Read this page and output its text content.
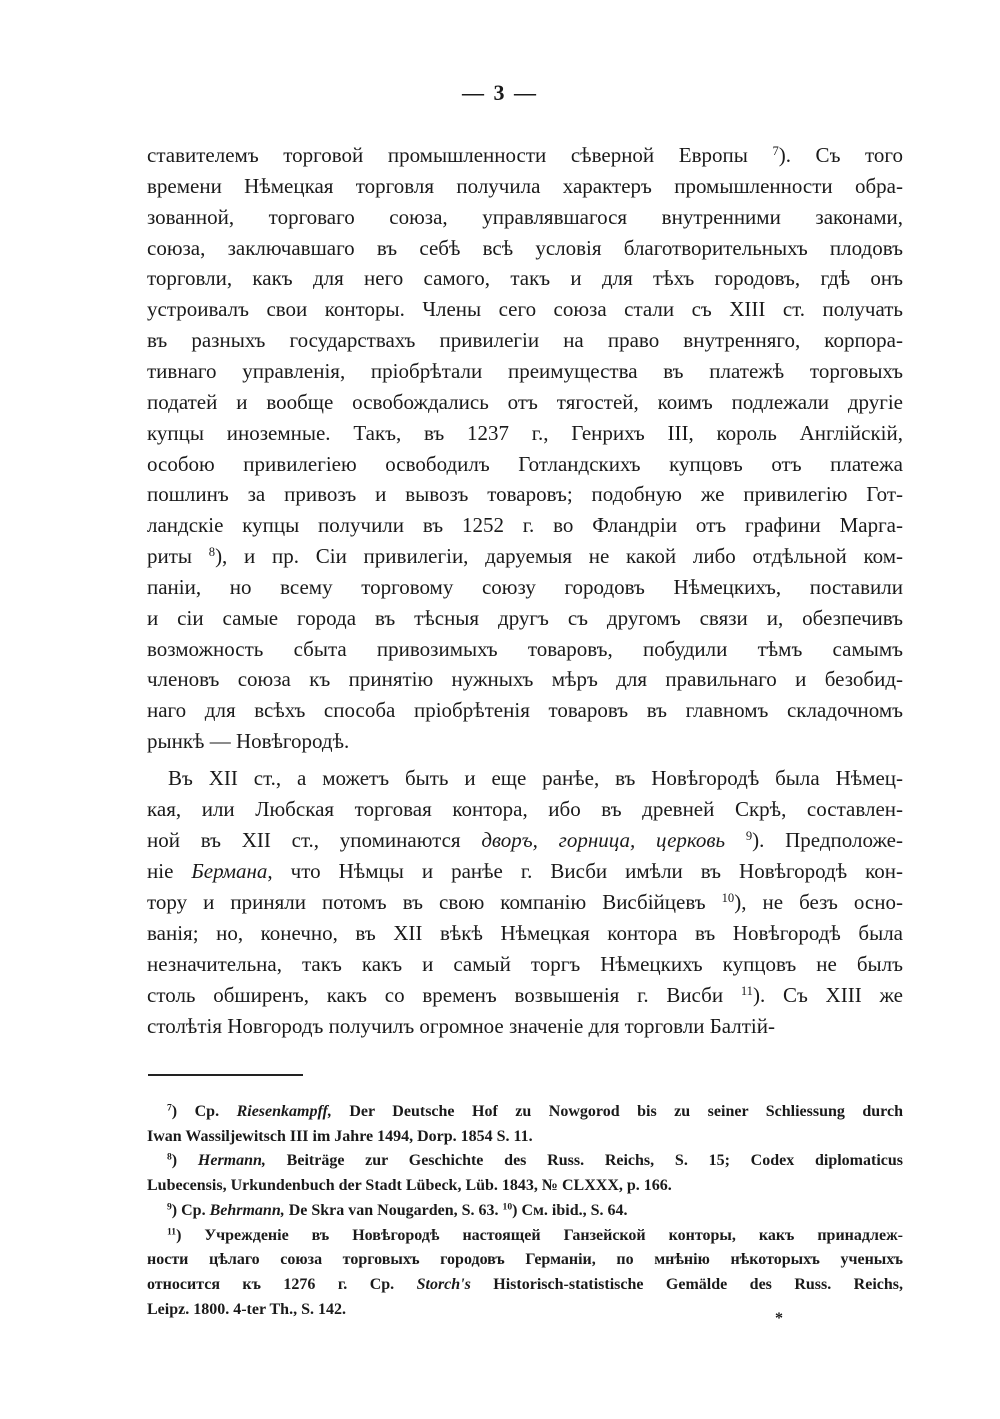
— 3 —
ставителемъ торговой промышленности сѣверной Европы $^7$). Съ того
времени Нѣмецкая торговля получила характеръ промышленности обра-
зованной, торговаго союза, управлявшагося внутренними законами,
союза, заключавшаго въ себѣ всѣ условія благотворительныхъ плодовъ
торговли, какъ для него самого, такъ и для тѣхъ городовъ, гдѣ онъ
устроивалъ свои конторы. Члены сего союза стали съ XIII ст. получать
въ разныхъ государствахъ привилегіи на право внутренняго, корпора-
тивнаго управленія, пріобрѣтали преимущества въ платежѣ торговыхъ
податей и вообще освобождались отъ тягостей, коимъ подлежали другіе
купцы иноземные. Такъ, въ 1237 г., Генрихъ III, король Англійскій,
особою привилегіею освободилъ Готландскихъ купцовъ отъ платежа
пошлинъ за привозъ и вывозъ товаровъ; подобную же привилегію Гот-
ландскіе купцы получили въ 1252 г. во Фландріи отъ графини Марга-
риты $^8$), и пр. Сіи привилегіи, даруемыя не какой либо отдѣльной ком-
паніи, но всему торговому союзу городовъ Нѣмецкихъ, поставили
и сіи самые города въ тѣсныя другъ съ другомъ связи и, обезпечивъ
возможность сбыта привозимыхъ товаровъ, побудили тѣмъ самымъ
членовъ союза къ принятію нужныхъ мѣръ для правильнаго и безобид-
наго для всѣхъ способа пріобрѣтенія товаровъ въ главномъ складочномъ
рынкѣ — Новѣгородѣ.
Въ XII ст., а можетъ быть и еще ранѣе, въ Новѣгородѣ была Нѣмец-
кая, или Любская торговая контора, ибо въ древней Скрѣ, составлен-
ной въ XII ст., упоминаются дворъ, горница, церковь $^9$). Предположе-
ніе Бермана, что Нѣмцы и ранѣе г. Висби имѣли въ Новѣгородѣ кон-
тору и приняли потомъ въ свою компанію Висбійцевъ $^{10}$), не безъ осно-
ванія; но, конечно, въ XII вѣкѣ Нѣмецкая контора въ Новѣгородѣ была
незначительна, такъ какъ и самый торгъ Нѣмецкихъ купцовъ не былъ
столь обширенъ, какъ со временъ возвышенія г. Висби $^{11}$). Съ XIII же
столѣтія Новгородъ получилъ огромное значеніе для торговли Балтій-
$^7$) Ср. Riesenkampff, Der Deutsche Hof zu Nowgorod bis zu seiner Schliessung durch
Iwan Wassiljewitsch III im Jahre 1494, Dorp. 1854 S. 11.
$^8$) Hermann, Beiträge zur Geschichte des Russ. Reichs, S. 15; Codex diplomaticus
Lubecensis, Urkundenbuch der Stadt Lübeck, Lüb. 1843, № CLXXX, p. 166.
$^9$) Ср. Behrmann, De Skra van Nougarden, S. 63. $^{10}$) См. ibid., S. 64.
$^{11}$) Учрежденіе въ Новѣгородѣ настоящей Ганзейской конторы, какъ принадлеж-
ности цѣлаго союза торговыхъ городовъ Германіи, по мнѣнію нѣкоторыхъ ученыхъ
относится къ 1276 г. Ср. Storch's Historisch-statistische Gemälde des Russ. Reichs,
Leipz. 1800. 4-ter Th., S. 142.
*
